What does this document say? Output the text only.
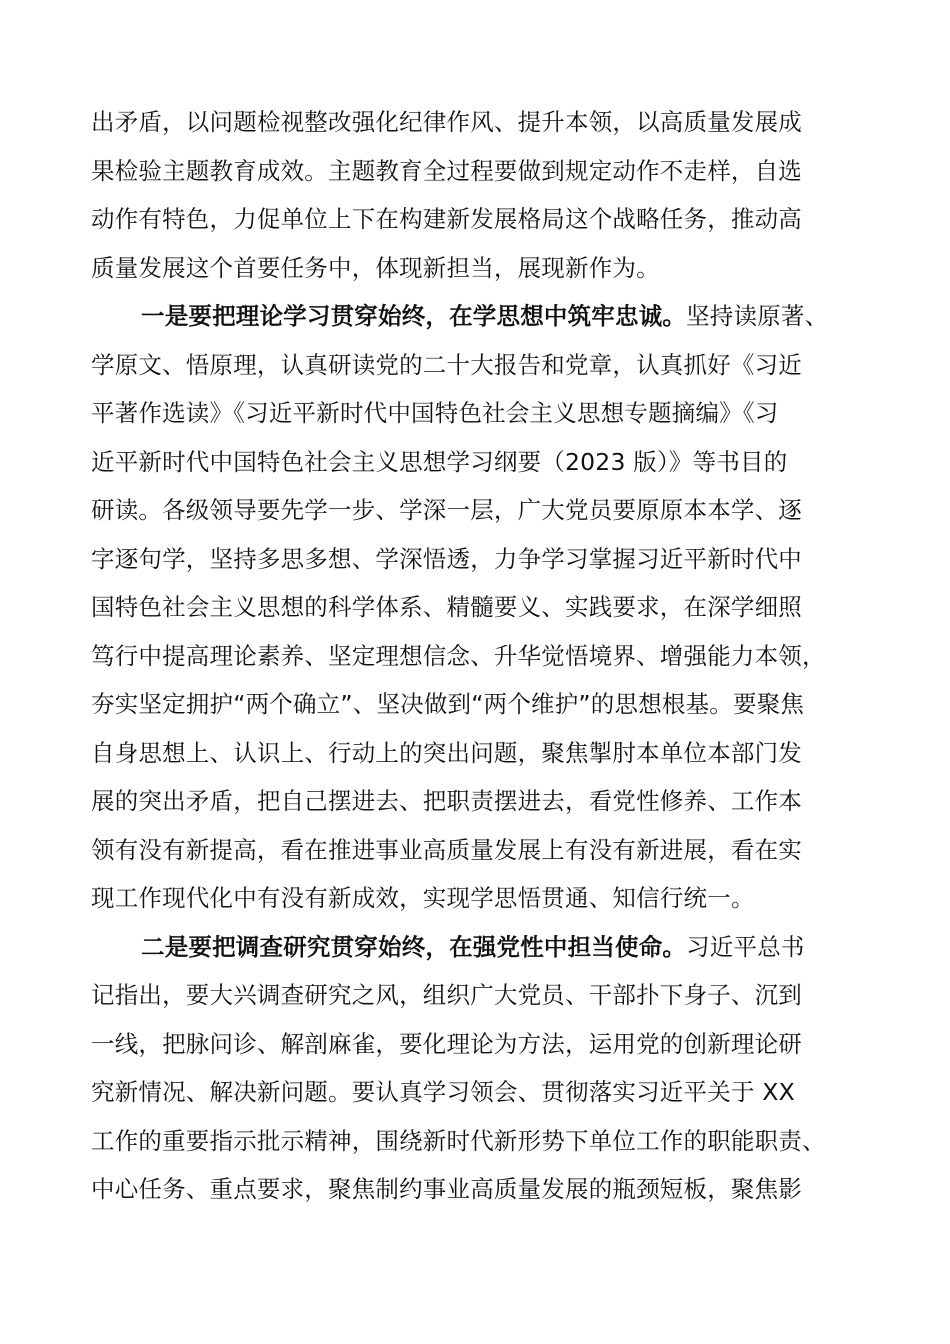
出矛盾，以问题检视整改强化纪律作风、提升本领，以高质量发展成
果检验主题教育成效。主题教育全过程要做到规定动作不走样，自选
动作有特色，力促单位上下在构建新发展格局这个战略任务，推动高
质量发展这个首要任务中，体现新担当，展现新作为。
一是要把理论学习贯穿始终，在学思想中筑牢忠诚。坚持读原著、
学原文、悟原理，认真研读党的二十大报告和党章，认真抓好《习近
平著作选读》《习近平新时代中国特色社会主义思想专题摘编》《习
近平新时代中国特色社会主义思想学习纲要（2023 版）》等书目的
研读。各级领导要先学一步、学深一层，广大党员要原原本本学、逐
字逐句学，坚持多思多想、学深悟透，力争学习掌握习近平新时代中
国特色社会主义思想的科学体系、精髓要义、实践要求，在深学细照
笃行中提高理论素养、坚定理想信念、升华觉悟境界、增强能力本领，
夯实坚定拥护“两个确立”、坚决做到“两个维护”的思想根基。要聚焦
自身思想上、认识上、行动上的突出问题，聚焦掣肘本单位本部门发
展的突出矛盾，把自己摆进去、把职责摆进去，看党性修养、工作本
领有没有新提高，看在推进事业高质量发展上有没有新进展，看在实
现工作现代化中有没有新成效，实现学思悟贯通、知信行统一。
二是要把调查研究贯穿始终，在强党性中担当使命。习近平总书
记指出，要大兴调查研究之风，组织广大党员、干部扑下身子、沉到
一线，把脉问诊、解剖麻雀，要化理论为方法，运用党的创新理论研
究新情况、解决新问题。要认真学习领会、贯彻落实习近平关于 XX
工作的重要指示批示精神，围绕新时代新形势下单位工作的职能职责、
中心任务、重点要求，聚焦制约事业高质量发展的瓶颈短板，聚焦影
